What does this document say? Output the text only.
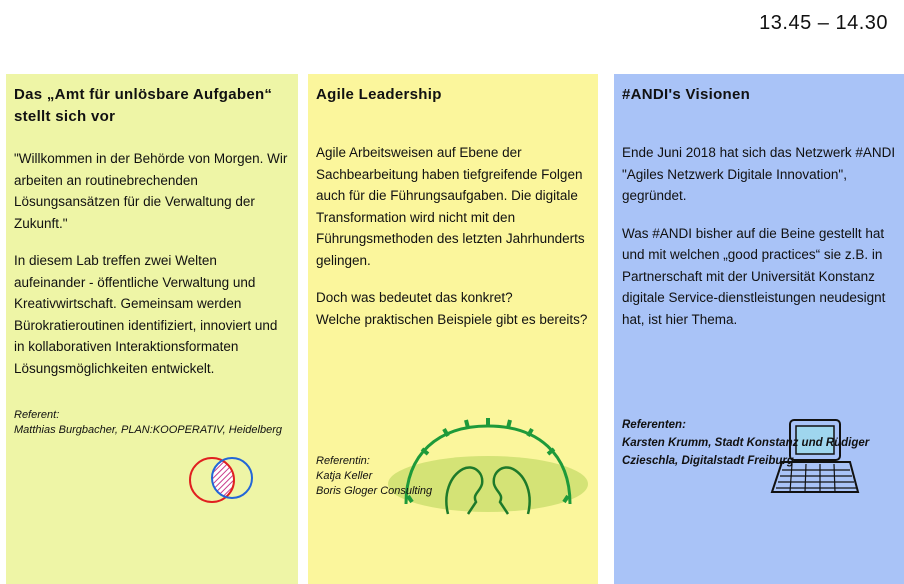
13.45 – 14.30
Das „Amt für unlösbare Aufgaben“
stellt sich vor

"Willkommen in der Behörde von Morgen. Wir arbeiten an routinebrechenden Lösungsansätzen für die Verwaltung der Zukunft."

In diesem Lab treffen zwei Welten aufeinander - öffentliche Verwaltung und Kreativwirtschaft. Gemeinsam werden Bürokratieroutinen identifiziert, innoviert und in kollaborativen Interaktionsformaten Lösungsmöglichkeiten entwickelt.

Referent:
Matthias Burgbacher, PLAN:KOOPERATIV, Heidelberg
Agile Leadership

Agile Arbeitsweisen auf Ebene der Sachbearbeitung haben tiefgreifende Folgen auch für die Führungsaufgaben. Die digitale Transformation wird nicht mit den Führungsmethoden des letzten Jahrhunderts gelingen.

Doch was bedeutet das konkret?
Welche praktischen Beispiele gibt es bereits?

Referentin:
Katja Keller
Boris Gloger Consulting
#ANDI's Visionen

Ende Juni 2018 hat sich das Netzwerk #ANDI "Agiles Netzwerk Digitale Innovation", gegründet.

Was #ANDI bisher auf die Beine gestellt hat und mit welchen „good practices“ sie z.B. in Partnerschaft mit der Universität Konstanz digitale Service-dienstleistungen neudesignt hat, ist hier Thema.

Referenten:
Karsten Krumm, Stadt Konstanz und Rüdiger Czieschla, Digitalstadt Freiburg
